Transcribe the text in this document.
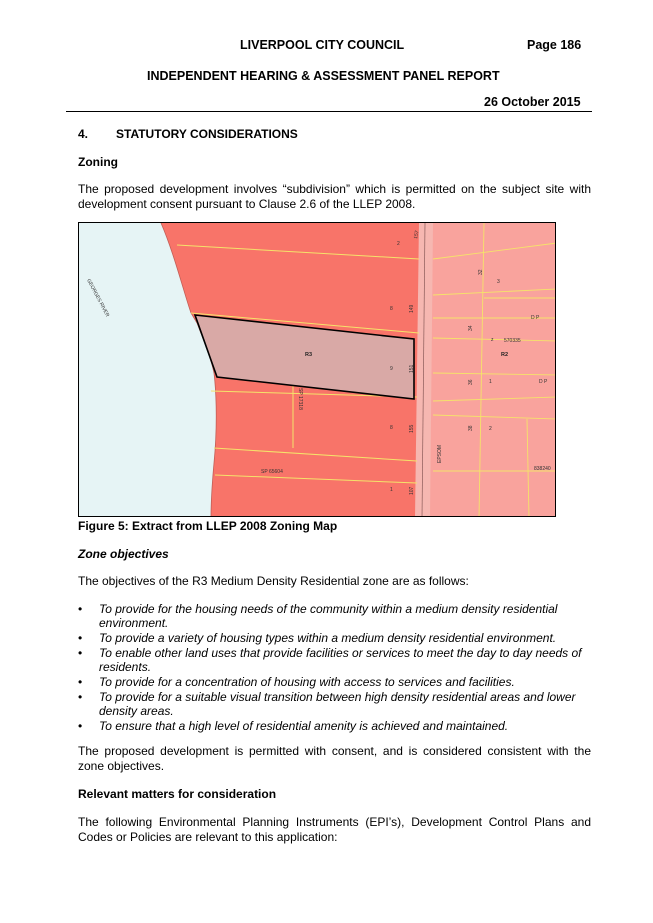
LIVERPOOL CITY COUNCIL	Page 186
INDEPENDENT HEARING & ASSESSMENT PANEL REPORT
26 October 2015
4. STATUTORY CONSIDERATIONS
Zoning
The proposed development involves “subdivision” which is permitted on the subject site with development consent pursuant to Clause 2.6 of the LLEP 2008.
GEORGES RIVER
R3	R2
EPSOM
2
8
9
8
1
157
149
151
155
107
32
34
36
38
3
z
1
2
D P
D P
SP 17318
SP 65604
570335
838240
Figure 5: Extract from LLEP 2008 Zoning Map
Zone objectives
The objectives of the R3 Medium Density Residential zone are as follows:
• To provide for the housing needs of the community within a medium density residential environment.
• To provide a variety of housing types within a medium density residential environment.
• To enable other land uses that provide facilities or services to meet the day to day needs of residents.
• To provide for a concentration of housing with access to services and facilities.
• To provide for a suitable visual transition between high density residential areas and lower density areas.
• To ensure that a high level of residential amenity is achieved and maintained.
The proposed development is permitted with consent, and is considered consistent with the zone objectives.
Relevant matters for consideration
The following Environmental Planning Instruments (EPI’s), Development Control Plans and Codes or Policies are relevant to this application:
